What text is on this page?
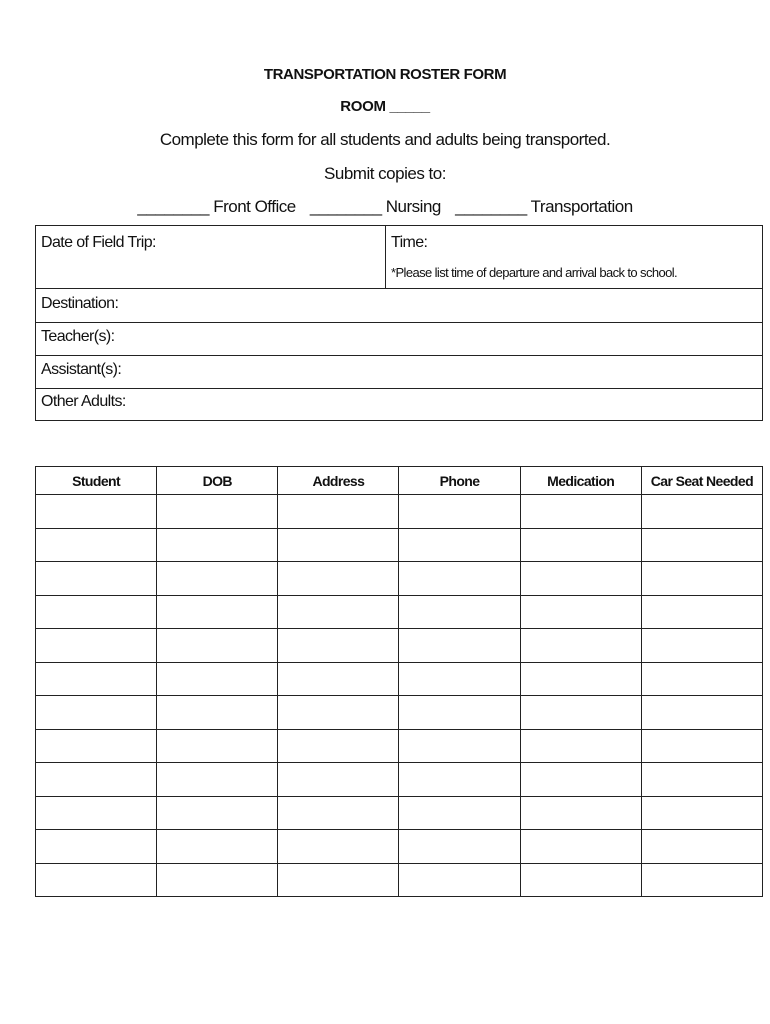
TRANSPORTATION ROSTER FORM
ROOM _____
Complete this form for all students and adults being transported.
Submit copies to:
________ Front Office ________ Nursing ________ Transportation
Date of Field Trip:	Time:
*Please list time of departure and arrival back to school.
Destination:
Teacher(s):
Assistant(s):
Other Adults:
Student	DOB	Address	Phone	Medication	Car Seat Needed
